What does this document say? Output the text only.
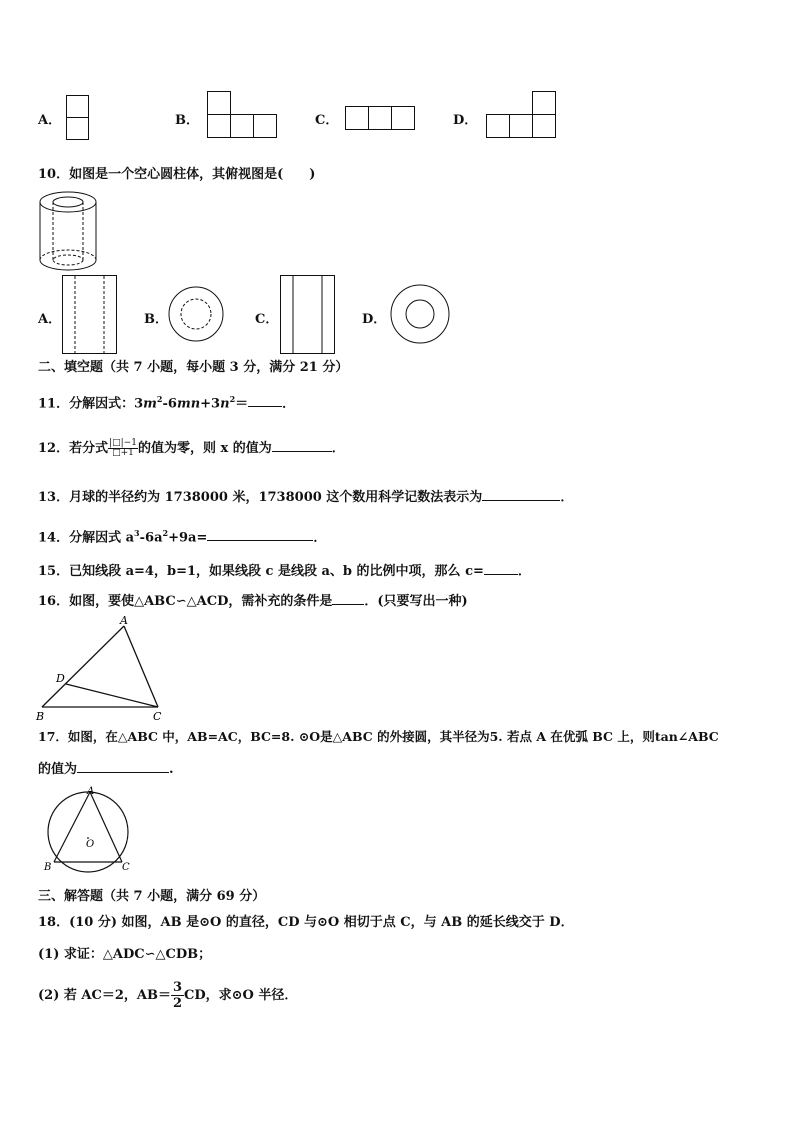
A．	B．	C．	D．
10．如图是一个空心圆柱体，其俯视图是(　　)
A．	B．	C．	D．
二、填空题（共 7 小题，每小题 3 分，满分 21 分）
11．分解因式：$3m^2-6mn+3n^2=$	．
12．若分式 $\frac{|□|-1}{□+1}$ 的值为零，则 x 的值为	．
13．月球的半径约为 1738000 米，1738000 这个数用科学记数法表示为	．
14．分解因式 $a^3-6a^2+9a=$	．
15．已知线段 a=4，b=1，如果线段 c 是线段 a、b 的比例中项，那么 c=	．
16．如图，要使△ABC∽△ACD，需补充的条件是 ．(只要写出一种)
A
B	C
D
17．如图，在△ABC 中，AB=AC，BC=8. ⊙O是△ABC 的外接圆，其半径为5. 若点 A 在优弧 BC 上，则tan∠ABC
的值为	.
A
B	C
O
三、解答题（共 7 小题，满分 69 分）
18．(10 分) 如图，AB 是⊙O 的直径，CD 与⊙O 相切于点 C，与 AB 的延长线交于 D．
(1) 求证：△ADC∽△CDB；
(2) 若 AC＝2，$AB= \frac{3}{2}$ CD，求⊙O 半径．
